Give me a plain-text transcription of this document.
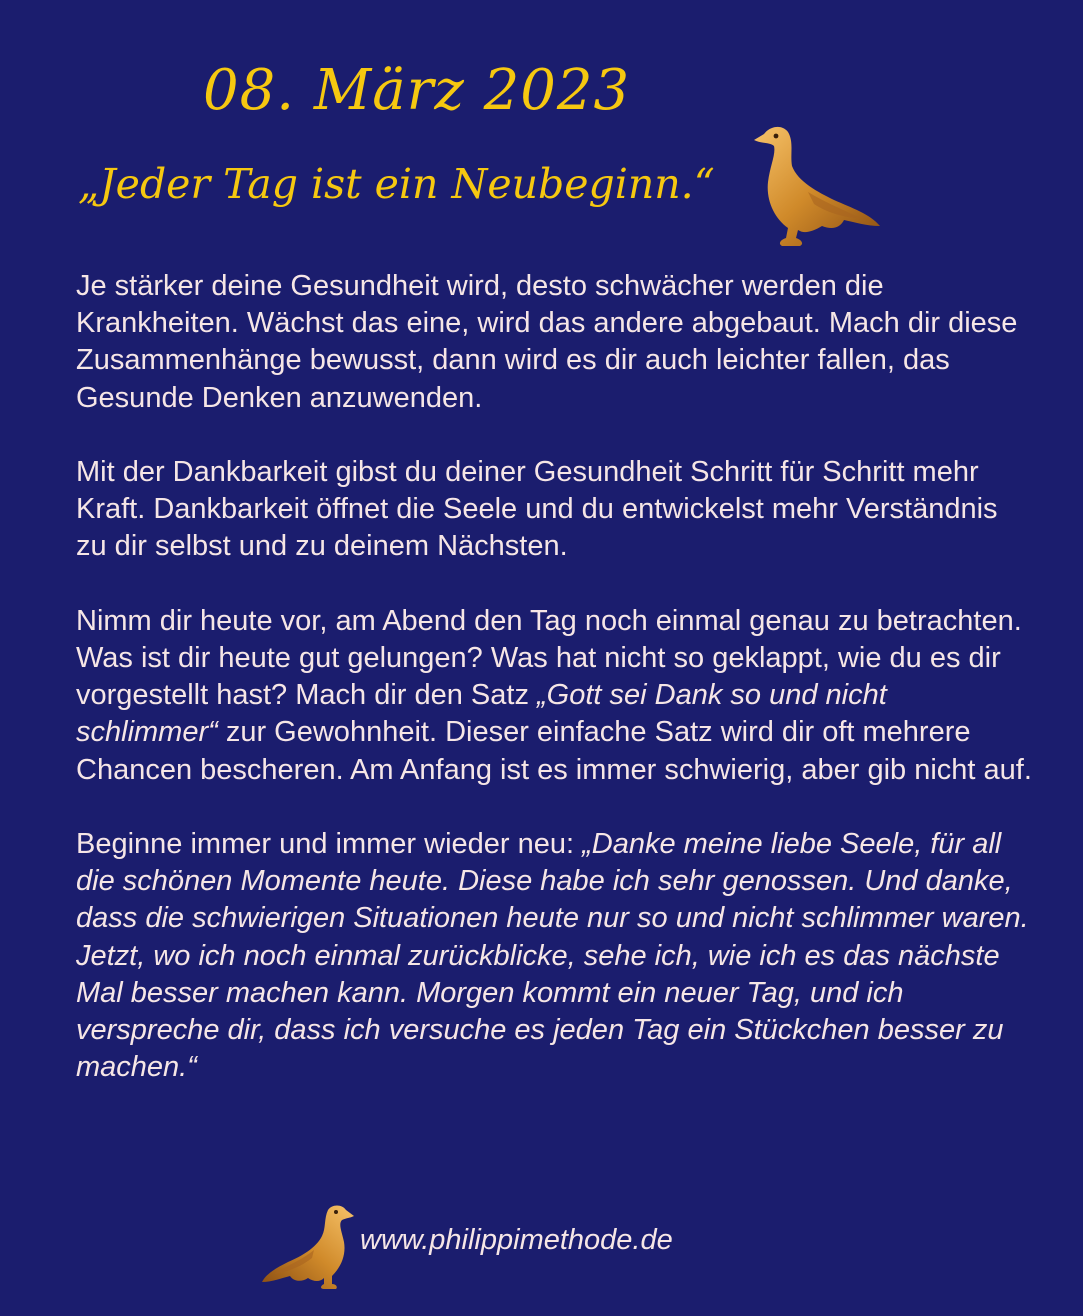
08. März 2023
„Jeder Tag ist ein Neubeginn.“

Je stärker deine Gesundheit wird, desto schwächer werden die Krankheiten. Wächst das eine, wird das andere abgebaut. Mach dir diese Zusammenhänge bewusst, dann wird es dir auch leichter fallen, das Gesunde Denken anzuwenden.

Mit der Dankbarkeit gibst du deiner Gesundheit Schritt für Schritt mehr Kraft. Dankbarkeit öffnet die Seele und du entwickelst mehr Verständnis zu dir selbst und zu deinem Nächsten.

Nimm dir heute vor, am Abend den Tag noch einmal genau zu betrachten. Was ist dir heute gut gelungen? Was hat nicht so geklappt, wie du es dir vorgestellt hast? Mach dir den Satz „Gott sei Dank so und nicht schlimmer“ zur Gewohnheit. Dieser einfache Satz wird dir oft mehrere Chancen bescheren. Am Anfang ist es immer schwierig, aber gib nicht auf.

Beginne immer und immer wieder neu: „Danke meine liebe Seele, für all die schönen Momente heute. Diese habe ich sehr genossen. Und danke, dass die schwierigen Situationen heute nur so und nicht schlimmer waren. Jetzt, wo ich noch einmal zurückblicke, sehe ich, wie ich es das nächste Mal besser machen kann. Morgen kommt ein neuer Tag, und ich verspreche dir, dass ich versuche es jeden Tag ein Stückchen besser zu machen.“

www.philippimethode.de
